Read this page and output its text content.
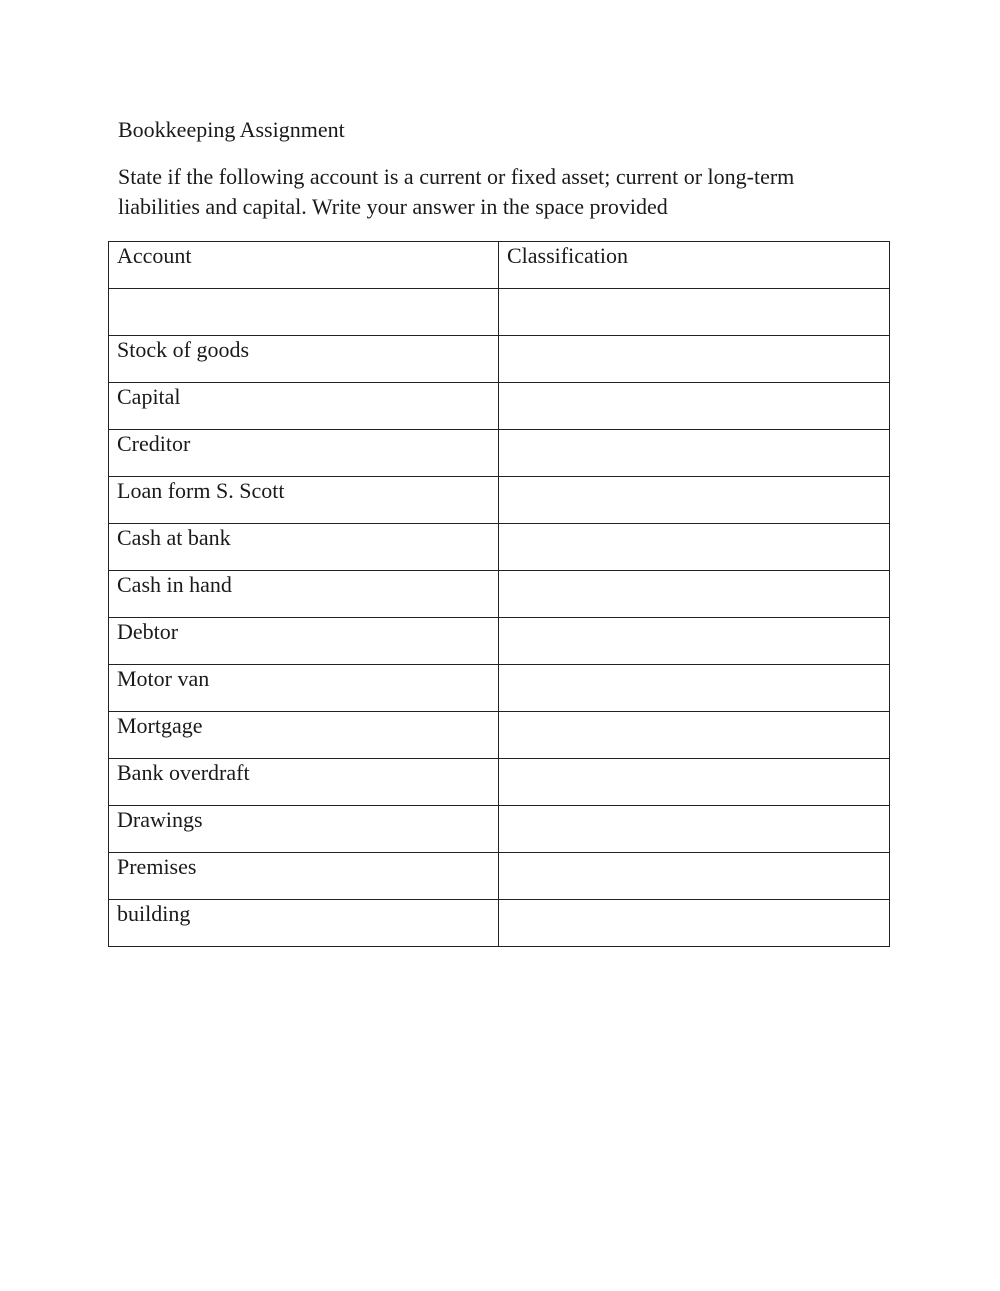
Bookkeeping Assignment

State if the following account is a current or fixed asset; current or long-term liabilities and capital. Write your answer in the space provided

Account	Classification

Stock of goods	
Capital	
Creditor	
Loan form S. Scott	
Cash at bank	
Cash in hand	
Debtor	
Motor van	
Mortgage	
Bank overdraft	
Drawings	
Premises	
building	
